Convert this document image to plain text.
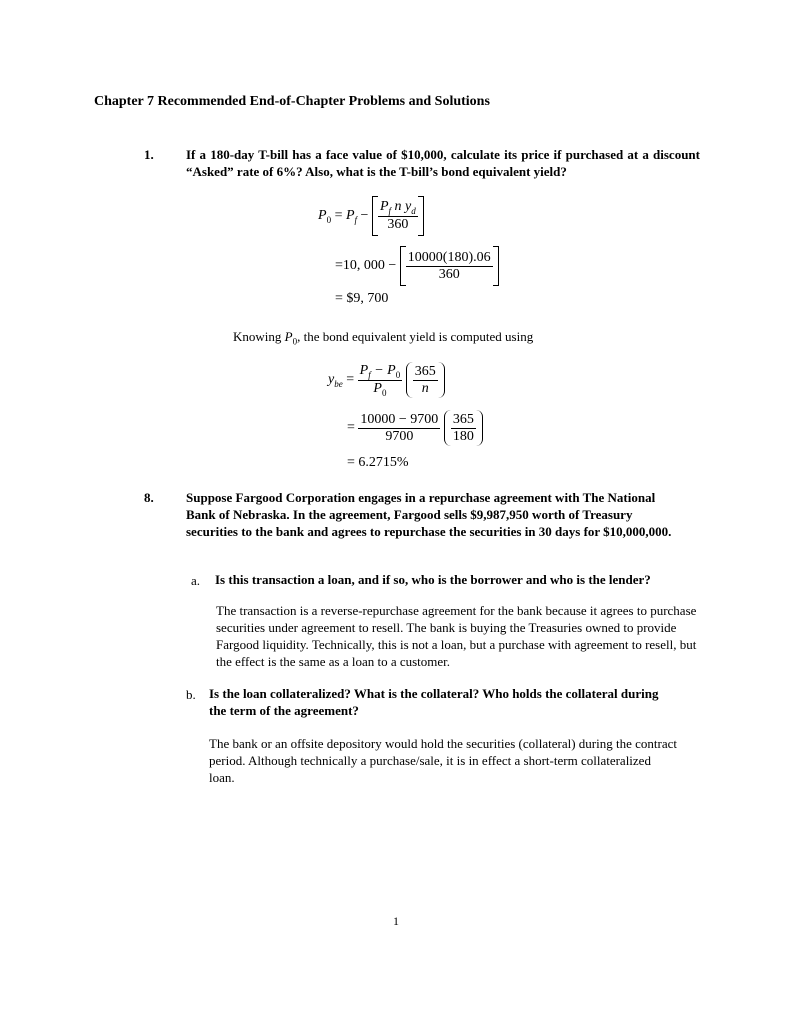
Chapter 7 Recommended End-of-Chapter Problems and Solutions
1. If a 180-day T-bill has a face value of $10,000, calculate its price if purchased at a discount “Asked” rate of 6%? Also, what is the T-bill’s bond equivalent yield?
$P_0 = P_f - \frac{P_f n y_d}{360}$
=10, $000 - \frac{10000(180).06}{360}$
= $9, 700
Knowing $P_0$, the bond equivalent yield is computed using
$y_{be} = \frac{P_f - P_0}{P_0}$
$\frac{365}{n}$
= $\frac{10000 - 9700}{9700}$
$\frac{365}{180}$
= 6.2715%
8. Suppose Fargood Corporation engages in a repurchase agreement with The National Bank of Nebraska. In the agreement, Fargood sells $9,987,950 worth of Treasury securities to the bank and agrees to repurchase the securities in 30 days for $10,000,000.
a. Is this transaction a loan, and if so, who is the borrower and who is the lender?
The transaction is a reverse-repurchase agreement for the bank because it agrees to purchase securities under agreement to resell. The bank is buying the Treasuries owned to provide Fargood liquidity. Technically, this is not a loan, but a purchase with agreement to resell, but the effect is the same as a loan to a customer.
b. Is the loan collateralized? What is the collateral? Who holds the collateral during the term of the agreement?
The bank or an offsite depository would hold the securities (collateral) during the contract period. Although technically a purchase/sale, it is in effect a short-term collateralized loan.
1
